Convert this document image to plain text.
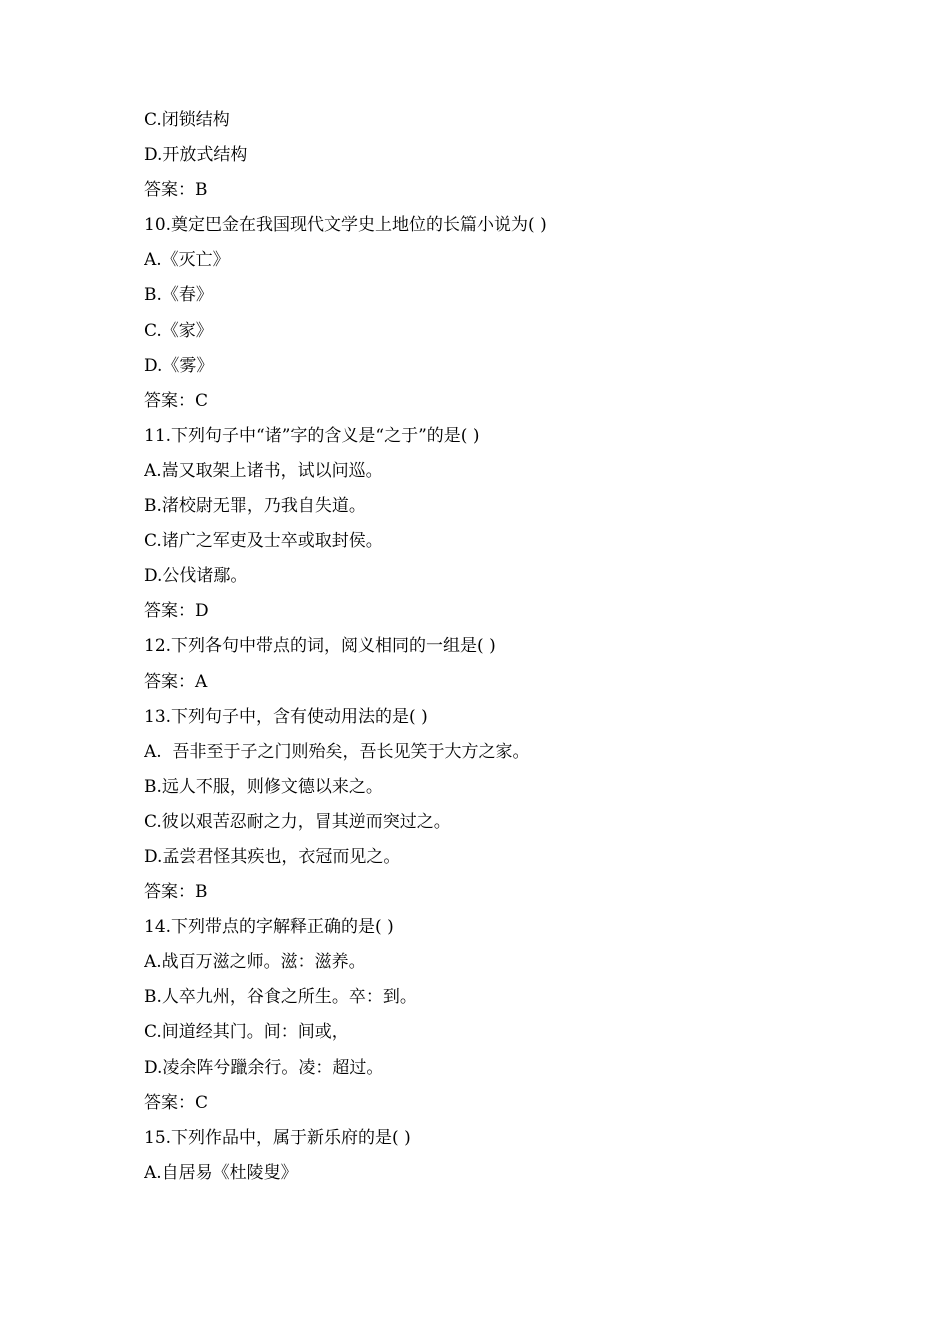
C.闭锁结构
D.开放式结构
答案：B
10.奠定巴金在我国现代文学史上地位的长篇小说为( )
A.《灭亡》
B.《春》
C.《家》
D.《雾》
答案：C
11.下列句子中“诸”字的含义是“之于”的是( )
A.嵩又取架上诸书，试以问巡。
B.渚校尉无罪，乃我自失道。
C.诸广之军吏及士卒或取封侯。
D.公伐诸鄢。
答案：D
12.下列各句中带点的词，阅义相同的一组是( )
答案：A
13.下列句子中，含有使动用法的是( )
A.  吾非至于子之门则殆矣，吾长见笑于大方之家。
B.远人不服，则修文德以来之。
C.彼以艰苦忍耐之力，冒其逆而突过之。
D.孟尝君怪其疾也，衣冠而见之。
答案：B
14.下列带点的字解释正确的是( )
A.战百万滋之师。滋：滋养。
B.人卒九州，谷食之所生。卒：到。
C.间道经其门。间：间或，
D.凌余阵兮躐余行。凌：超过。
答案：C
15.下列作品中，属于新乐府的是( )
A.自居易《杜陵叟》
